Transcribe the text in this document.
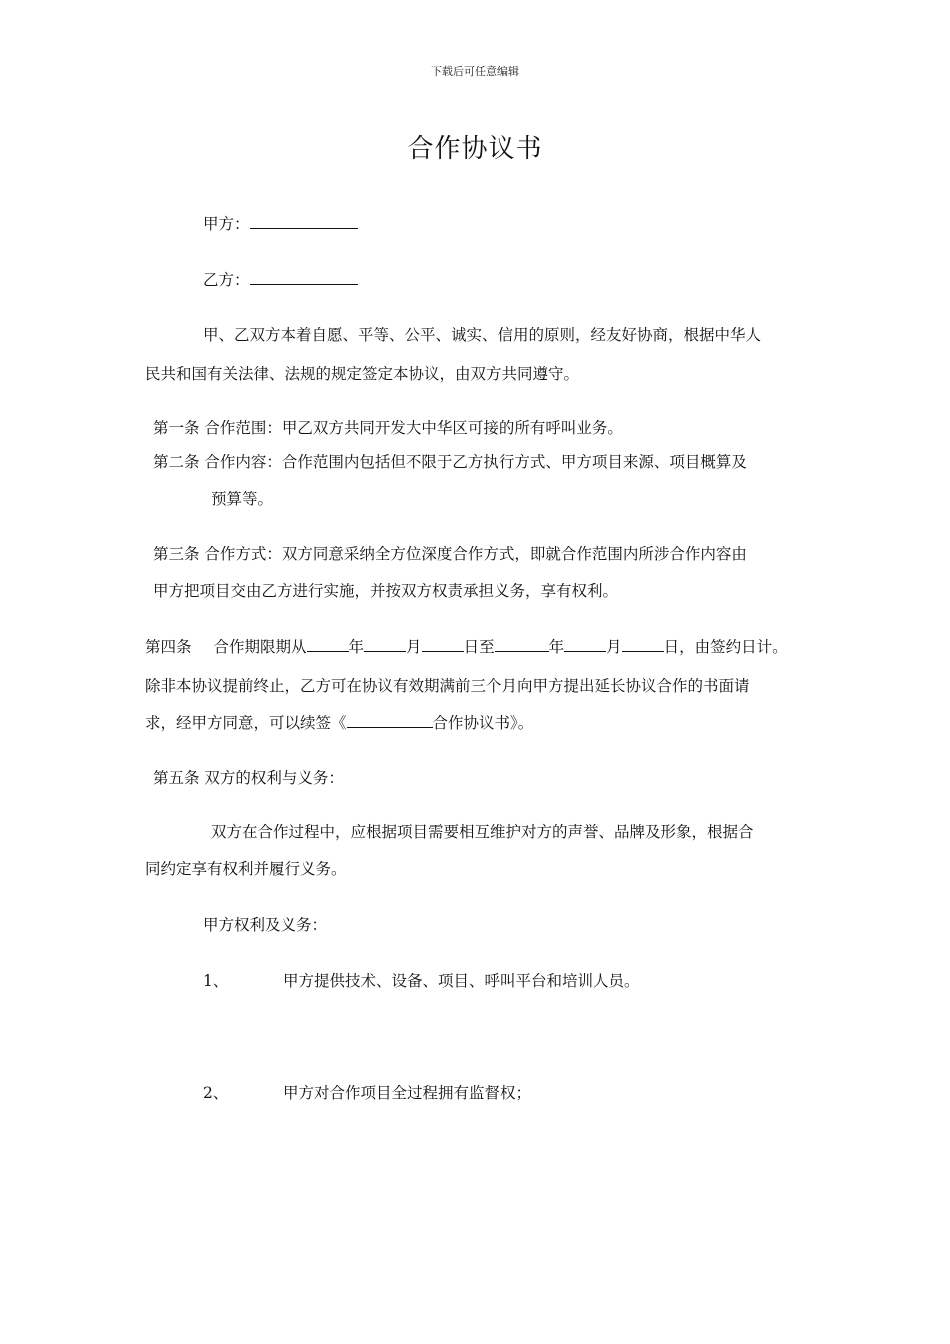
下载后可任意编辑
合作协议书
甲方：
乙方：
甲、乙双方本着自愿、平等、公平、诚实、信用的原则，经友好协商，根据中华人
民共和国有关法律、法规的规定签定本协议，由双方共同遵守。
第一条 合作范围：甲乙双方共同开发大中华区可接的所有呼叫业务。
第二条 合作内容：合作范围内包括但不限于乙方执行方式、甲方项目来源、项目概算及
预算等。
第三条 合作方式：双方同意采纳全方位深度合作方式，即就合作范围内所涉合作内容由
甲方把项目交由乙方进行实施，并按双方权责承担义务，享有权利。
第四条 合作期限期从	年	月	日至	年	月	日，由签约日计。
除非本协议提前终止，乙方可在协议有效期满前三个月向甲方提出延长协议合作的书面请
求，经甲方同意，可以续签《	合作协议书》。
第五条 双方的权利与义务：
双方在合作过程中，应根据项目需要相互维护对方的声誉、品牌及形象，根据合
同约定享有权利并履行义务。
甲方权利及义务：
1、	甲方提供技术、设备、项目、呼叫平台和培训人员。
2、	甲方对合作项目全过程拥有监督权；
